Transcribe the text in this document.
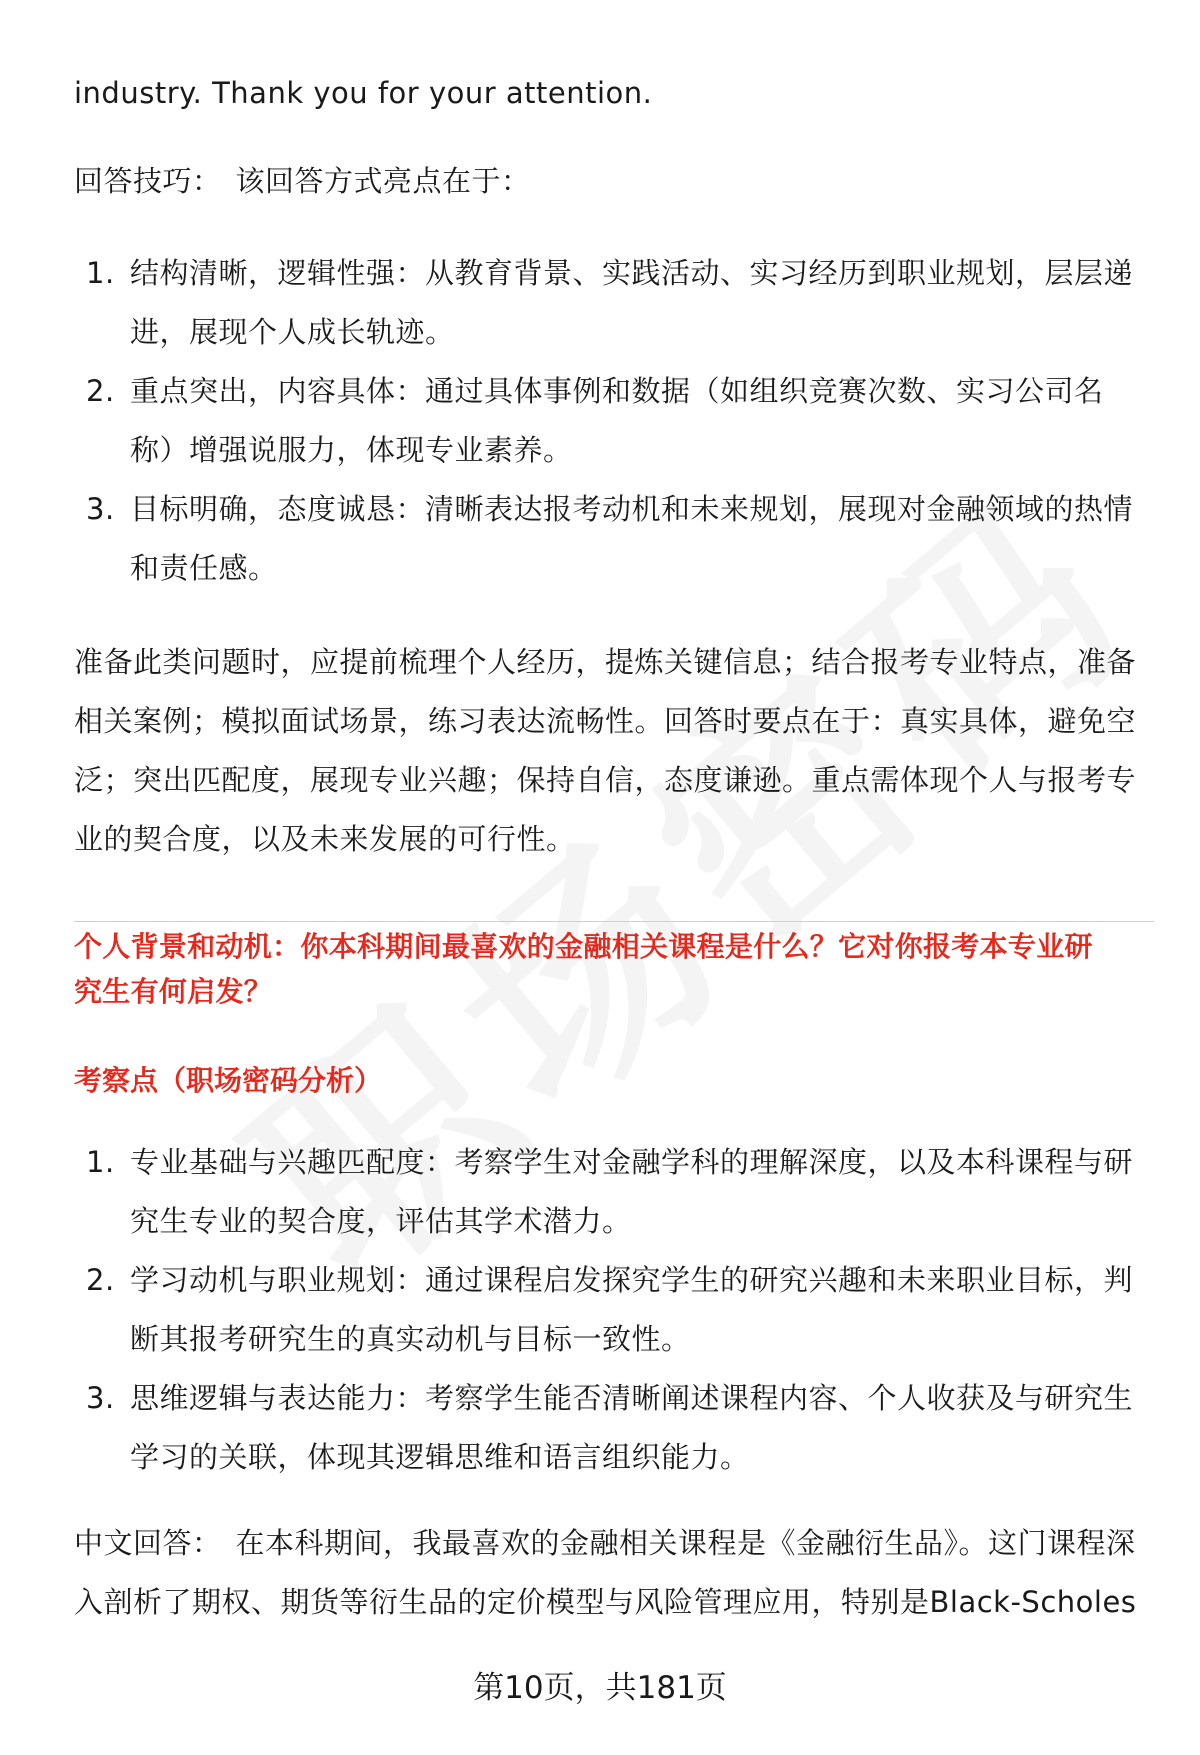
industry. Thank you for your attention.

回答技巧： 该回答方式亮点在于：

1. 结构清晰，逻辑性强：从教育背景、实践活动、实习经历到职业规划，层层递
进，展现个人成长轨迹。
2. 重点突出，内容具体：通过具体事例和数据（如组织竞赛次数、实习公司名
称）增强说服力，体现专业素养。
3. 目标明确，态度诚恳：清晰表达报考动机和未来规划，展现对金融领域的热情
和责任感。

准备此类问题时，应提前梳理个人经历，提炼关键信息；结合报考专业特点，准备

相关案例；模拟面试场景，练习表达流畅性。回答时要点在于：真实具体，避免空

泛；突出匹配度，展现专业兴趣；保持自信，态度谦逊。重点需体现个人与报考专

业的契合度，以及未来发展的可行性。

个人背景和动机：你本科期间最喜欢的金融相关课程是什么？它对你报考本专业研
究生有何启发？
考察点（职场密码分析）
1. 专业基础与兴趣匹配度：考察学生对金融学科的理解深度，以及本科课程与研
究生专业的契合度，评估其学术潜力。
2. 学习动机与职业规划：通过课程启发探究学生的研究兴趣和未来职业目标，判
断其报考研究生的真实动机与目标一致性。
3. 思维逻辑与表达能力：考察学生能否清晰阐述课程内容、个人收获及与研究生
学习的关联，体现其逻辑思维和语言组织能力。

中文回答： 在本科期间，我最喜欢的金融相关课程是《金融衍生品》。这门课程深

入剖析了期权、期货等衍生品的定价模型与风险管理应用，特别是Black-Scholes

第10页，共181页
